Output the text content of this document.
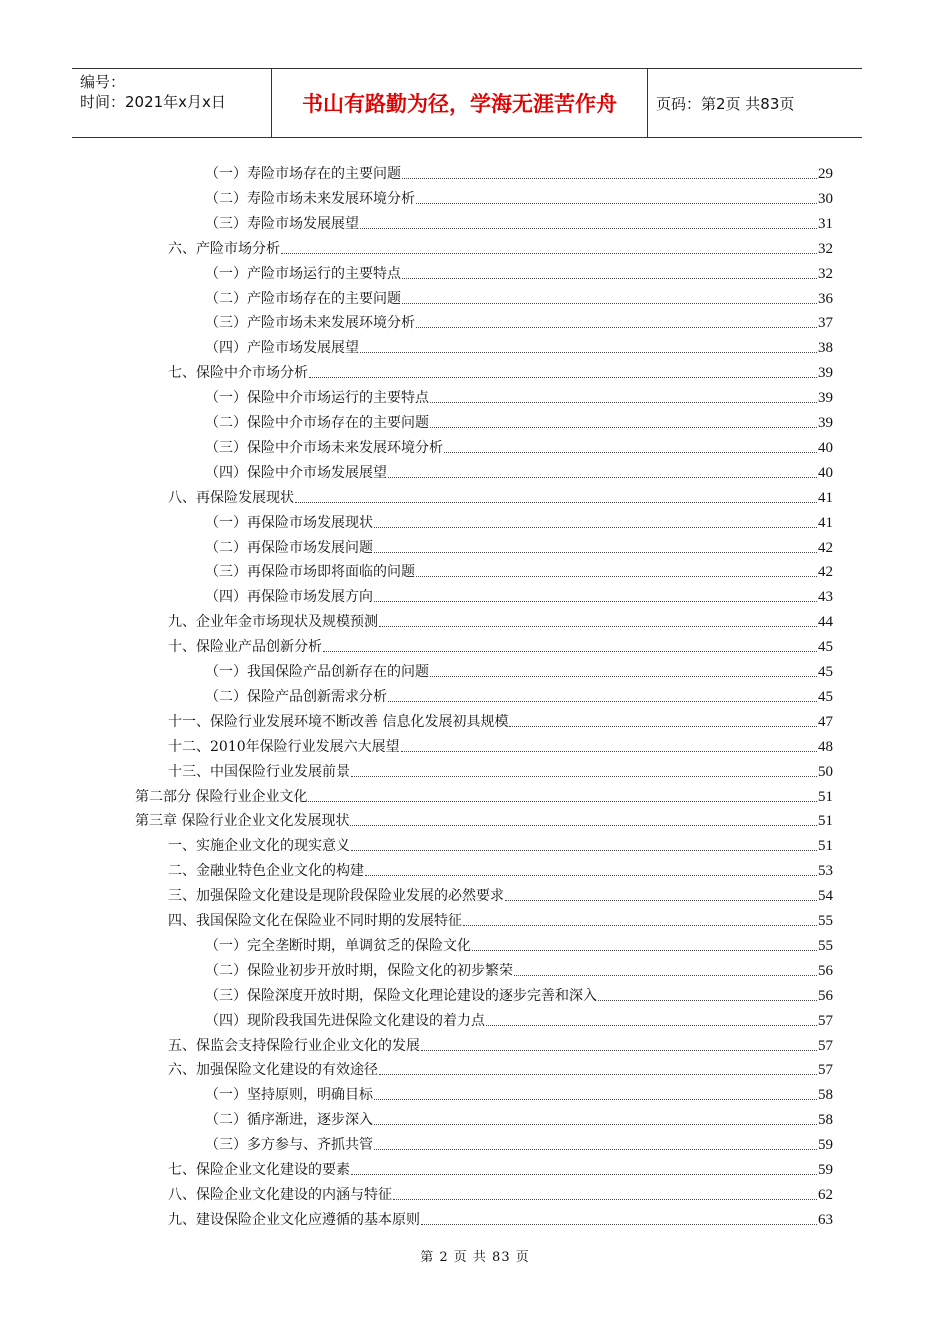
编号：
时间：2021年x月x日	书山有路勤为径，学海无涯苦作舟	页码：第2页 共83页
（一）寿险市场存在的主要问题	29
（二）寿险市场未来发展环境分析	30
（三）寿险市场发展展望	31
六、产险市场分析	32
（一）产险市场运行的主要特点	32
（二）产险市场存在的主要问题	36
（三）产险市场未来发展环境分析	37
（四）产险市场发展展望	38
七、保险中介市场分析	39
（一）保险中介市场运行的主要特点	39
（二）保险中介市场存在的主要问题	39
（三）保险中介市场未来发展环境分析	40
（四）保险中介市场发展展望	40
八、再保险发展现状	41
（一）再保险市场发展现状	41
（二）再保险市场发展问题	42
（三）再保险市场即将面临的问题	42
（四）再保险市场发展方向	43
九、企业年金市场现状及规模预测	44
十、保险业产品创新分析	45
（一）我国保险产品创新存在的问题	45
（二）保险产品创新需求分析	45
十一、保险行业发展环境不断改善 信息化发展初具规模	47
十二、2010年保险行业发展六大展望	48
十三、中国保险行业发展前景	50
第二部分 保险行业企业文化	51
第三章 保险行业企业文化发展现状	51
一、实施企业文化的现实意义	51
二、金融业特色企业文化的构建	53
三、加强保险文化建设是现阶段保险业发展的必然要求	54
四、我国保险文化在保险业不同时期的发展特征	55
（一）完全垄断时期，单调贫乏的保险文化	55
（二）保险业初步开放时期，保险文化的初步繁荣	56
（三）保险深度开放时期，保险文化理论建设的逐步完善和深入	56
（四）现阶段我国先进保险文化建设的着力点	57
五、保监会支持保险行业企业文化的发展	57
六、加强保险文化建设的有效途径	57
（一）坚持原则，明确目标	58
（二）循序渐进，逐步深入	58
（三）多方参与、齐抓共管	59
七、保险企业文化建设的要素	59
八、保险企业文化建设的内涵与特征	62
九、建设保险企业文化应遵循的基本原则	63
第 2 页 共 83 页
